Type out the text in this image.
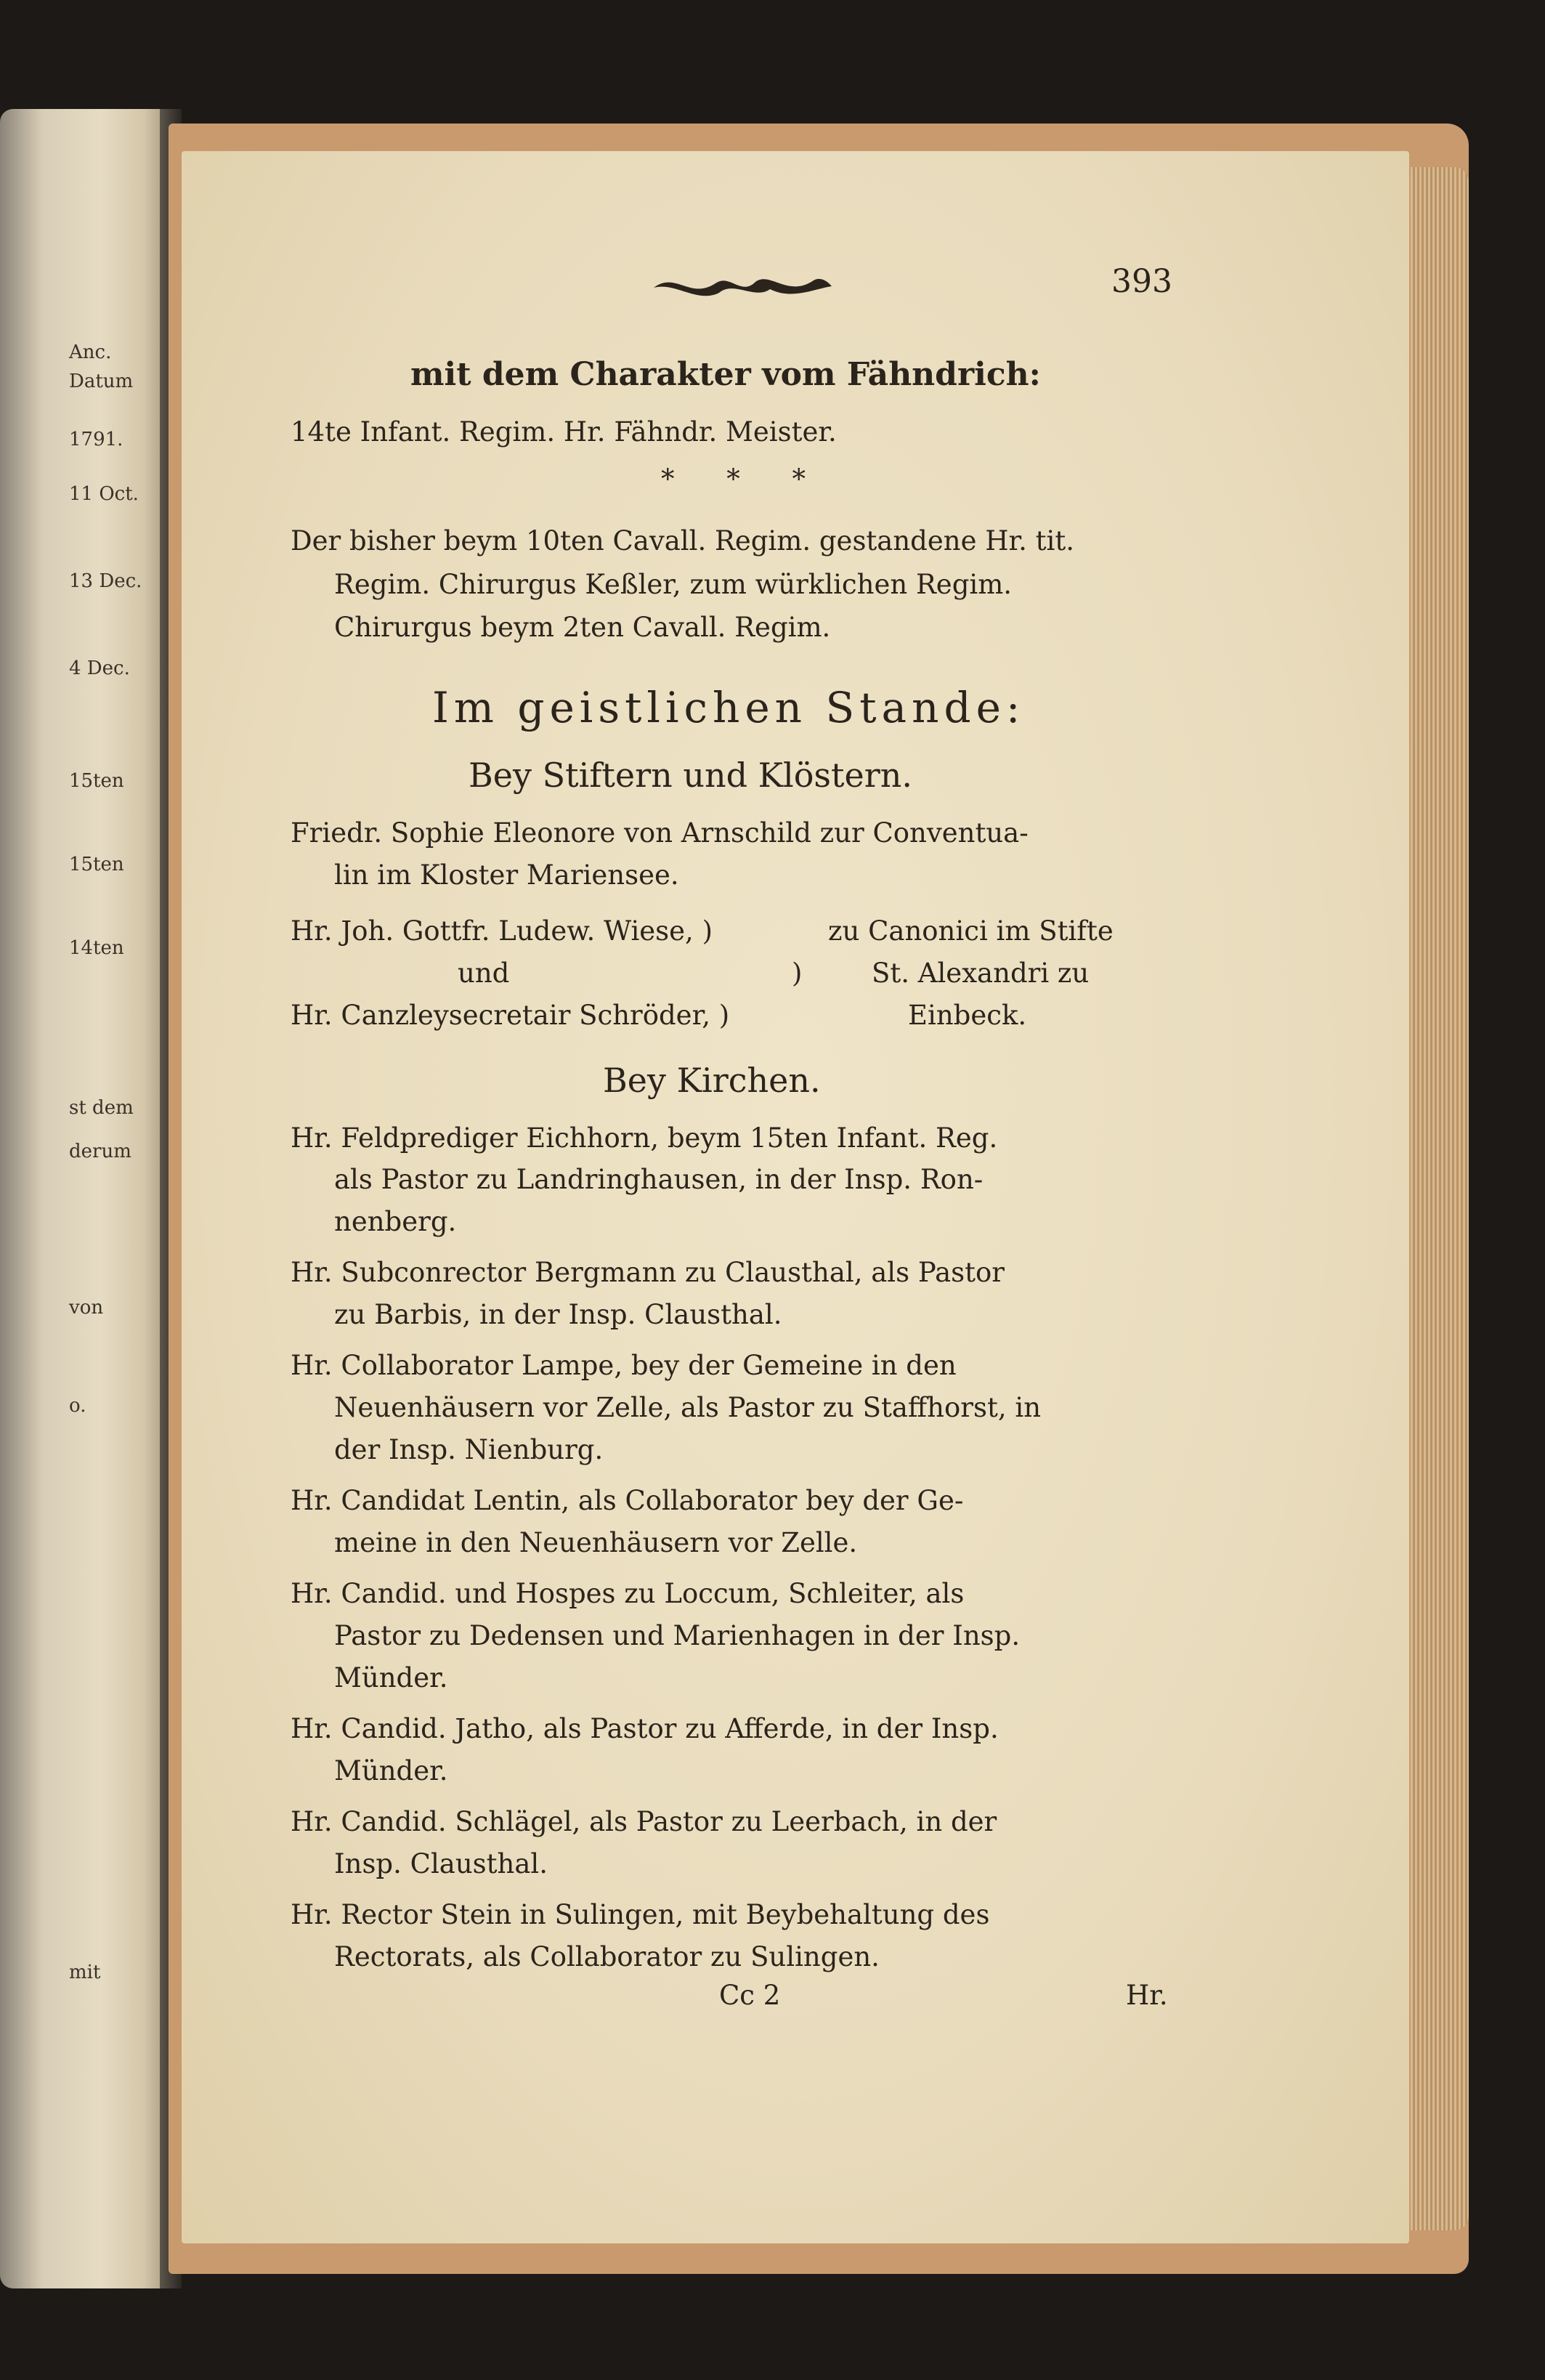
Anc.
Datum
1791.
11 Oct.
13 Dec.
4 Dec.
15ten
15ten
14ten
st dem
derum
von
o.
mit
393
mit dem Charakter vom Fähndrich:
14te Infant. Regim. Hr. Fähndr. Meister.
* * *
Der bisher beym 10ten Cavall. Regim. gestandene Hr. tit.
Regim. Chirurgus Keßler, zum würklichen Regim.
Chirurgus beym 2ten Cavall. Regim.
Im geistlichen Stande:
Bey Stiftern und Klöstern.
Friedr. Sophie Eleonore von Arnschild zur Conventua-
lin im Kloster Mariensee.
Hr. Joh. Gottfr. Ludew. Wiese, )
und	)
Hr. Canzleysecretair Schröder, )
zu Canonici im Stifte
St. Alexandri zu
Einbeck.
Bey Kirchen.
Hr. Feldprediger Eichhorn, beym 15ten Infant. Reg.
als Pastor zu Landringhausen, in der Insp. Ron-
nenberg.
Hr. Subconrector Bergmann zu Clausthal, als Pastor
zu Barbis, in der Insp. Clausthal.
Hr. Collaborator Lampe, bey der Gemeine in den
Neuenhäusern vor Zelle, als Pastor zu Staffhorst, in
der Insp. Nienburg.
Hr. Candidat Lentin, als Collaborator bey der Ge-
meine in den Neuenhäusern vor Zelle.
Hr. Candid. und Hospes zu Loccum, Schleiter, als
Pastor zu Dedensen und Marienhagen in der Insp.
Münder.
Hr. Candid. Jatho, als Pastor zu Afferde, in der Insp.
Münder.
Hr. Candid. Schlägel, als Pastor zu Leerbach, in der
Insp. Clausthal.
Hr. Rector Stein in Sulingen, mit Beybehaltung des
Rectorats, als Collaborator zu Sulingen.
Cc 2	Hr.
